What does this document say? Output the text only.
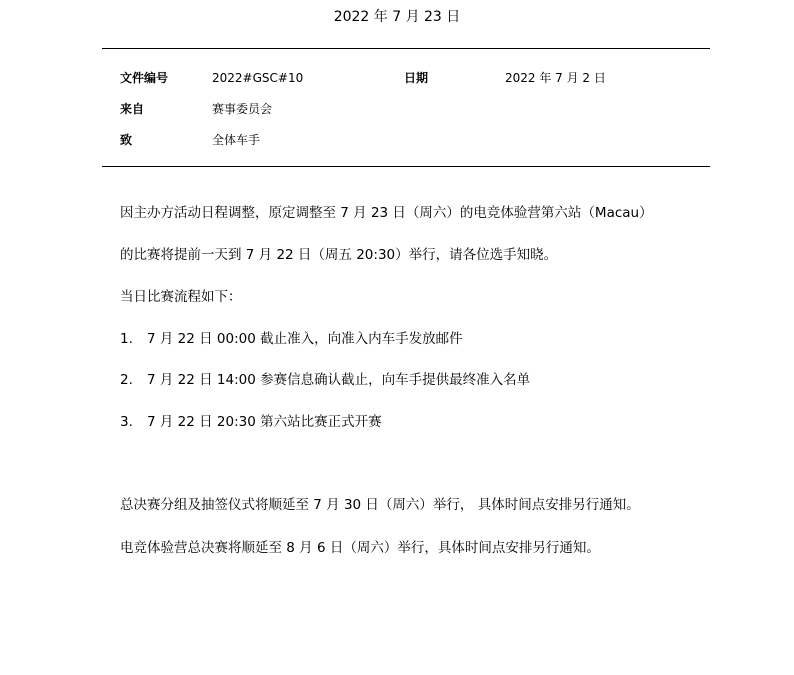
2022 年 7 月 23 日
文件编号	2022#GSC#10	日期	2022 年 7 月 2 日
来自	赛事委员会
致	全体车手
因主办方活动日程调整，原定调整至 7 月 23 日（周六）的电竞体验营第六站（Macau）
的比赛将提前一天到 7 月 22 日（周五 20:30）举行，请各位选手知晓。
当日比赛流程如下：
1. 7 月 22 日 00:00 截止准入，向准入内车手发放邮件
2. 7 月 22 日 14:00 参赛信息确认截止，向车手提供最终准入名单
3. 7 月 22 日 20:30 第六站比赛正式开赛
总决赛分组及抽签仪式将顺延至 7 月 30 日（周六）举行， 具体时间点安排另行通知。
电竞体验营总决赛将顺延至 8 月 6 日（周六）举行，具体时间点安排另行通知。
